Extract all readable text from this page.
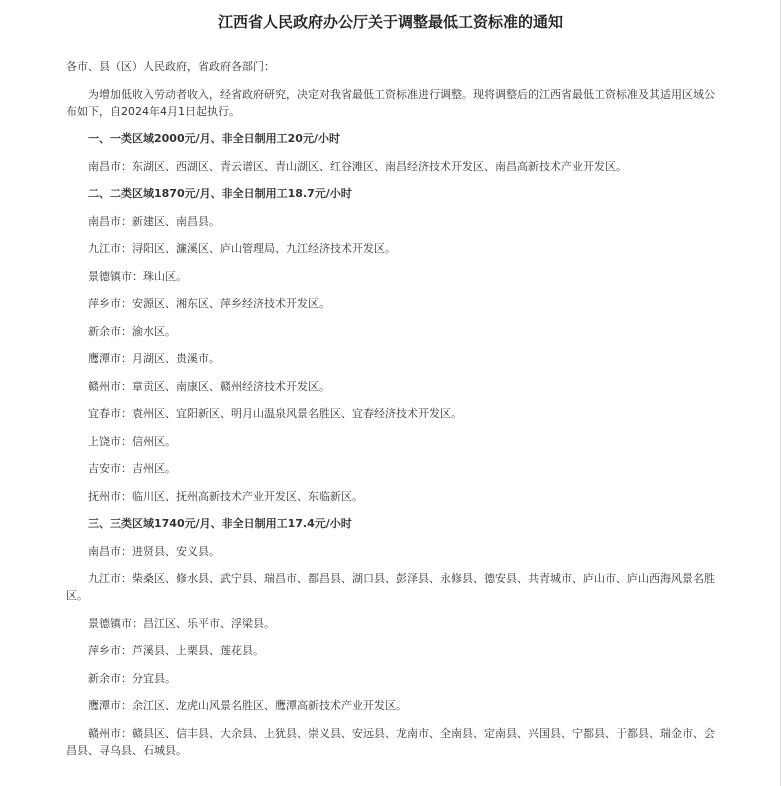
江西省人民政府办公厅关于调整最低工资标准的通知

各市、县（区）人民政府，省政府各部门：

为增加低收入劳动者收入，经省政府研究，决定对我省最低工资标准进行调整。现将调整后的江西省最低工资标准及其适用区域公布如下，自2024年4月1日起执行。

一、一类区域2000元/月、非全日制用工20元/小时

南昌市：东湖区、西湖区、青云谱区、青山湖区、红谷滩区、南昌经济技术开发区、南昌高新技术产业开发区。

二、二类区域1870元/月、非全日制用工18.7元/小时

南昌市：新建区、南昌县。

九江市：浔阳区、濂溪区、庐山管理局、九江经济技术开发区。

景德镇市：珠山区。

萍乡市：安源区、湘东区、萍乡经济技术开发区。

新余市：渝水区。

鹰潭市：月湖区、贵溪市。

赣州市：章贡区、南康区、赣州经济技术开发区。

宜春市：袁州区、宜阳新区、明月山温泉风景名胜区、宜春经济技术开发区。

上饶市：信州区。

吉安市：吉州区。

抚州市：临川区、抚州高新技术产业开发区、东临新区。

三、三类区域1740元/月、非全日制用工17.4元/小时

南昌市：进贤县、安义县。

九江市：柴桑区、修水县、武宁县、瑞昌市、都昌县、湖口县、彭泽县、永修县、德安县、共青城市、庐山市、庐山西海风景名胜区。

景德镇市：昌江区、乐平市、浮梁县。

萍乡市：芦溪县、上栗县、莲花县。

新余市：分宜县。

鹰潭市：余江区、龙虎山风景名胜区、鹰潭高新技术产业开发区。

赣州市：赣县区、信丰县、大余县、上犹县、崇义县、安远县、龙南市、全南县、定南县、兴国县、宁都县、于都县、瑞金市、会昌县、寻乌县、石城县。
